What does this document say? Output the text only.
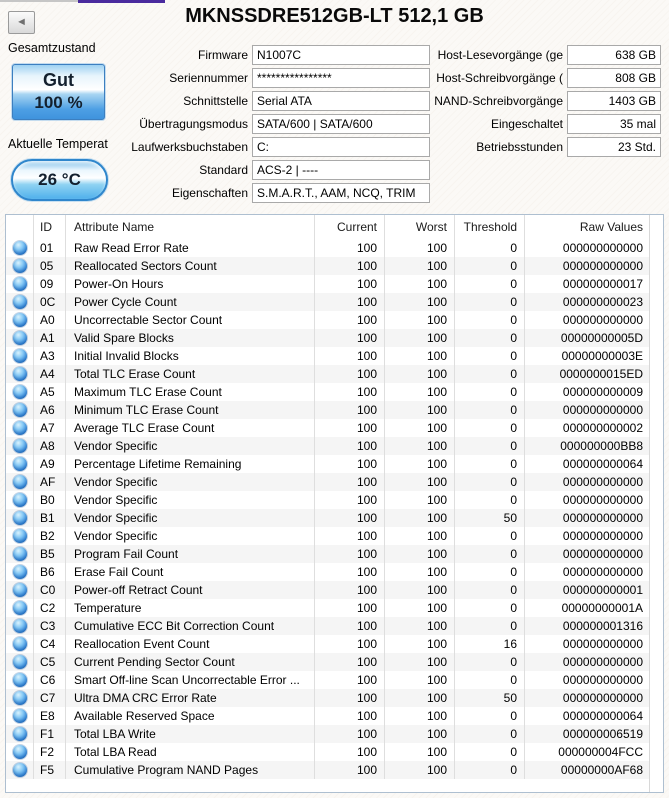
◄	MKNSSDRE512GB-LT 512,1 GB
Gesamtzustand
Gut
100 %
Aktuelle Temperat
26 °C
Firmware N1007C
Seriennummer ****************
Schnittstelle Serial ATA
Übertragungsmodus SATA/600 | SATA/600
Laufwerksbuchstaben C:
Standard ACS-2 | ----
Eigenschaften S.M.A.R.T., AAM, NCQ, TRIM
Host-Lesevorgänge (ge	638 GB
Host-Schreibvorgänge (	808 GB
NAND-Schreibvorgänge	1403 GB
Eingeschaltet	35 mal
Betriebsstunden	23 Std.
ID	Attribute Name	Current	Worst	Threshold	Raw Values
01	Raw Read Error Rate	100	100	0	000000000000
05	Reallocated Sectors Count	100	100	0	000000000000
09	Power-On Hours	100	100	0	000000000017
0C	Power Cycle Count	100	100	0	000000000023
A0	Uncorrectable Sector Count	100	100	0	000000000000
A1	Valid Spare Blocks	100	100	0	00000000005D
A3	Initial Invalid Blocks	100	100	0	00000000003E
A4	Total TLC Erase Count	100	100	0	0000000015ED
A5	Maximum TLC Erase Count	100	100	0	000000000009
A6	Minimum TLC Erase Count	100	100	0	000000000000
A7	Average TLC Erase Count	100	100	0	000000000002
A8	Vendor Specific	100	100	0	000000000BB8
A9	Percentage Lifetime Remaining	100	100	0	000000000064
AF	Vendor Specific	100	100	0	000000000000
B0	Vendor Specific	100	100	0	000000000000
B1	Vendor Specific	100	100	50	000000000000
B2	Vendor Specific	100	100	0	000000000000
B5	Program Fail Count	100	100	0	000000000000
B6	Erase Fail Count	100	100	0	000000000000
C0	Power-off Retract Count	100	100	0	000000000001
C2	Temperature	100	100	0	00000000001A
C3	Cumulative ECC Bit Correction Count	100	100	0	000000001316
C4	Reallocation Event Count	100	100	16	000000000000
C5	Current Pending Sector Count	100	100	0	000000000000
C6	Smart Off-line Scan Uncorrectable Error ...	100	100	0	000000000000
C7	Ultra DMA CRC Error Rate	100	100	50	000000000000
E8	Available Reserved Space	100	100	0	000000000064
F1	Total LBA Write	100	100	0	000000006519
F2	Total LBA Read	100	100	0	000000004FCC
F5	Cumulative Program NAND Pages	100	100	0	00000000AF68
